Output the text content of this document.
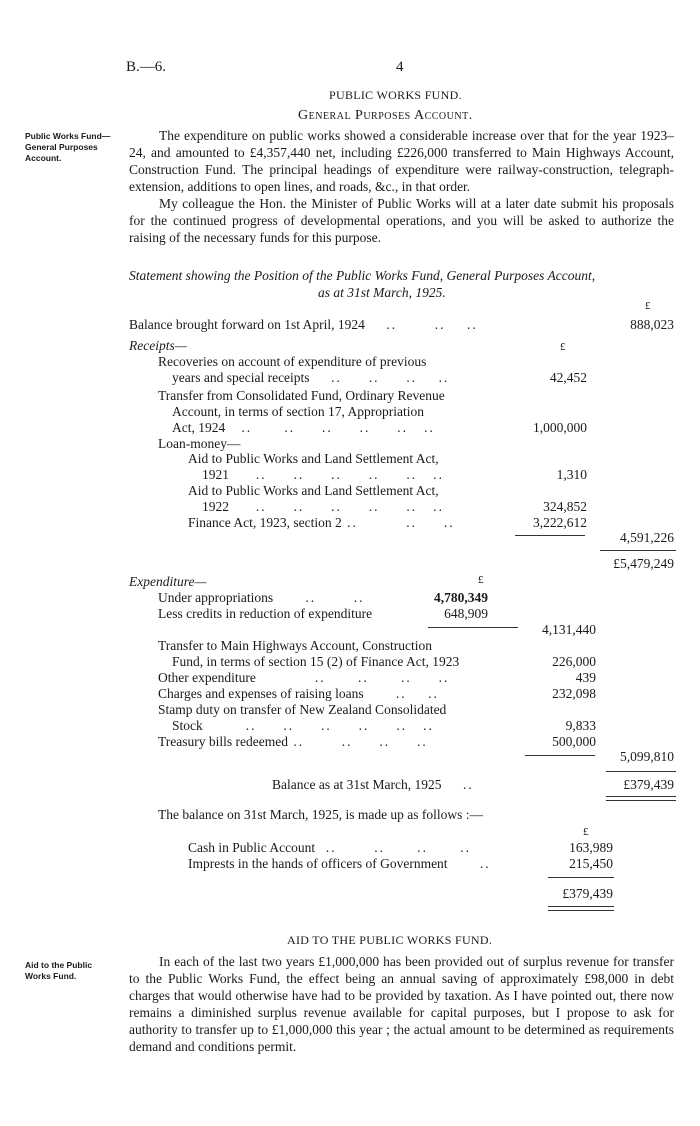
B.—6.	4
PUBLIC WORKS FUND.
General Purposes Account.
Public Works Fund—
General Purposes
Account.

The expenditure on public works showed a considerable increase over that for the year 1923–24, and amounted to £4,357,440 net, including £226,000 transferred to Main Highways Account, Construction Fund. The principal headings of expenditure were railway-construction, telegraph-extension, additions to open lines, and roads, &c., in that order.

My colleague the Hon. the Minister of Public Works will at a later date submit his proposals for the continued progress of developmental operations, and you will be asked to authorize the raising of the necessary funds for this purpose.

Statement showing the Position of the Public Works Fund, General Purposes Account,
as at 31st March, 1925.
£
Balance brought forward on 1st April, 1924    ..       ..    ..	888,023
Receipts—	£
Recoveries on account of expenditure of previous
years and special receipts    ..     ..     ..    ..	42,452
Transfer from Consolidated Fund, Ordinary Revenue
Account, in terms of section 17, Appropriation
Act, 1924   ..      ..     ..     ..     ..   ..	1,000,000
Loan-money—
Aid to Public Works and Land Settlement Act,
1921     ..     ..     ..     ..     ..   ..	1,310
Aid to Public Works and Land Settlement Act,
1922     ..     ..     ..     ..     ..   ..	324,852
Finance Act, 1923, section 2 ..         ..     ..	3,222,612
4,591,226
£5,479,249
Expenditure—	£
Under appropriations      ..       ..	4,780,349
Less credits in reduction of expenditure	648,909
4,131,440
Transfer to Main Highways Account, Construction
Fund, in terms of section 15 (2) of Finance Act, 1923	226,000
Other expenditure           ..      ..      ..     ..	439
Charges and expenses of raising loans      ..    ..	232,098
Stamp duty on transfer of New Zealand Consolidated
Stock        ..     ..     ..     ..     ..   ..	9,833
Treasury bills redeemed ..       ..     ..     ..	500,000
5,099,810
Balance as at 31st March, 1925    ..	£379,439
The balance on 31st March, 1925, is made up as follows :—
£
Cash in Public Account  ..       ..      ..      ..	163,989
Imprests in the hands of officers of Government      ..	215,450
£379,439
AID TO THE PUBLIC WORKS FUND.
Aid to the Public
Works Fund.

In each of the last two years £1,000,000 has been provided out of surplus revenue for transfer to the Public Works Fund, the effect being an annual saving of approximately £98,000 in debt charges that would otherwise have had to be provided by taxation. As I have pointed out, there now remains a diminished surplus revenue available for capital purposes, but I propose to ask for authority to transfer up to £1,000,000 this year ; the actual amount to be determined as requirements demand and conditions permit.
